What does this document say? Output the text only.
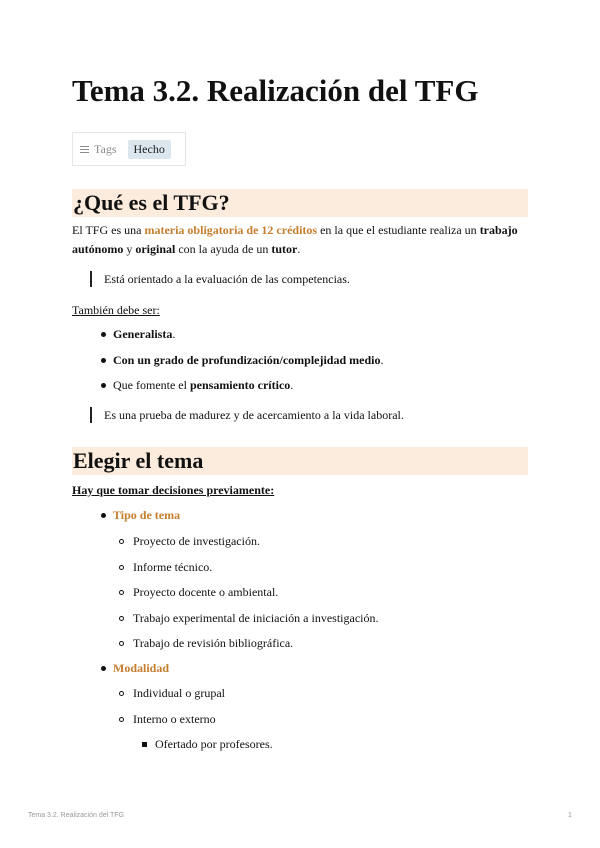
Tema 3.2. Realización del TFG
Tags	Hecho
¿Qué es el TFG?
El TFG es una materia obligatoria de 12 créditos en la que el estudiante realiza un trabajo autónomo y original con la ayuda de un tutor.
Está orientado a la evaluación de las competencias.
También debe ser:
Generalista.
Con un grado de profundización/complejidad medio.
Que fomente el pensamiento crítico.
Es una prueba de madurez y de acercamiento a la vida laboral.
Elegir el tema
Hay que tomar decisiones previamente:
Tipo de tema
Proyecto de investigación.
Informe técnico.
Proyecto docente o ambiental.
Trabajo experimental de iniciación a investigación.
Trabajo de revisión bibliográfica.
Modalidad
Individual o grupal
Interno o externo
Ofertado por profesores.
Tema 3.2. Realización del TFG	1
